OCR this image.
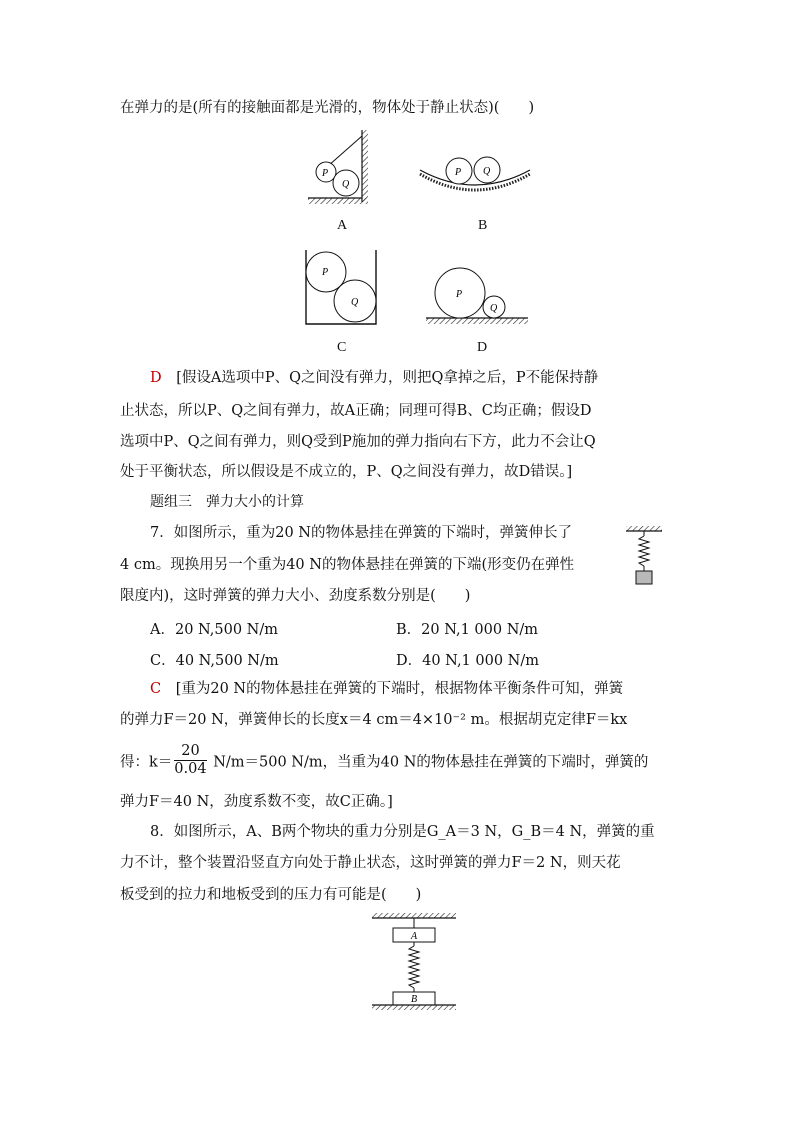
在弹力的是(所有的接触面都是光滑的，物体处于静止状态)(　　)
P
Q
A
P Q
B
P
Q
C
P
Q
D
D [假设A选项中P、Q之间没有弹力，则把Q拿掉之后，P不能保持静
止状态，所以P、Q之间有弹力，故A正确；同理可得B、C均正确；假设D
选项中P、Q之间有弹力，则Q受到P施加的弹力指向右下方，此力不会让Q
处于平衡状态，所以假设是不成立的，P、Q之间没有弹力，故D错误。]
题组三　弹力大小的计算
7．如图所示，重为20 N的物体悬挂在弹簧的下端时，弹簧伸长了
4 cm。现换用另一个重为40 N的物体悬挂在弹簧的下端(形变仍在弹性
限度内)，这时弹簧的弹力大小、劲度系数分别是(　　)
A．20 N,500 N/m	B．20 N,1 000 N/m
C．40 N,500 N/m	D．40 N,1 000 N/m
C [重为20 N的物体悬挂在弹簧的下端时，根据物体平衡条件可知，弹簧
的弹力F＝20 N，弹簧伸长的长度x＝4 cm＝4×10⁻² m。根据胡克定律F＝kx
得：$k= \frac{20}{0.04} N/m=500$ N/m，当重为40 N的物体悬挂在弹簧的下端时，弹簧的
弹力F＝40 N，劲度系数不变，故C正确。]
8．如图所示，A、B两个物块的重力分别是G_A＝3 N，G_B＝4 N，弹簧的重
力不计，整个装置沿竖直方向处于静止状态，这时弹簧的弹力F＝2 N，则天花
板受到的拉力和地板受到的压力有可能是(　　)
A
B
